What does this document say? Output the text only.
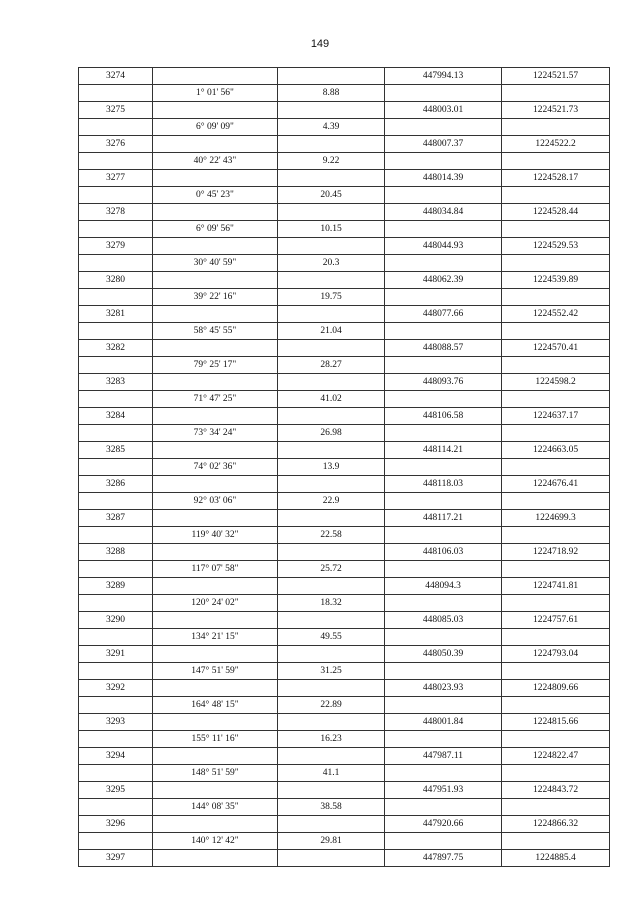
149
3274			447994.13	1224521.57
	1° 01' 56"	8.88		
3275			448003.01	1224521.73
	6° 09' 09"	4.39		
3276			448007.37	1224522.2
	40° 22' 43"	9.22		
3277			448014.39	1224528.17
	0° 45' 23"	20.45		
3278			448034.84	1224528.44
	6° 09' 56"	10.15		
3279			448044.93	1224529.53
	30° 40' 59"	20.3		
3280			448062.39	1224539.89
	39° 22' 16"	19.75		
3281			448077.66	1224552.42
	58° 45' 55"	21.04		
3282			448088.57	1224570.41
	79° 25' 17"	28.27		
3283			448093.76	1224598.2
	71° 47' 25"	41.02		
3284			448106.58	1224637.17
	73° 34' 24"	26.98		
3285			448114.21	1224663.05
	74° 02' 36"	13.9		
3286			448118.03	1224676.41
	92° 03' 06"	22.9		
3287			448117.21	1224699.3
	119° 40' 32"	22.58		
3288			448106.03	1224718.92
	117° 07' 58"	25.72		
3289			448094.3	1224741.81
	120° 24' 02"	18.32		
3290			448085.03	1224757.61
	134° 21' 15"	49.55		
3291			448050.39	1224793.04
	147° 51' 59"	31.25		
3292			448023.93	1224809.66
	164° 48' 15"	22.89		
3293			448001.84	1224815.66
	155° 11' 16"	16.23		
3294			447987.11	1224822.47
	148° 51' 59"	41.1		
3295			447951.93	1224843.72
	144° 08' 35"	38.58		
3296			447920.66	1224866.32
	140° 12' 42"	29.81		
3297			447897.75	1224885.4
